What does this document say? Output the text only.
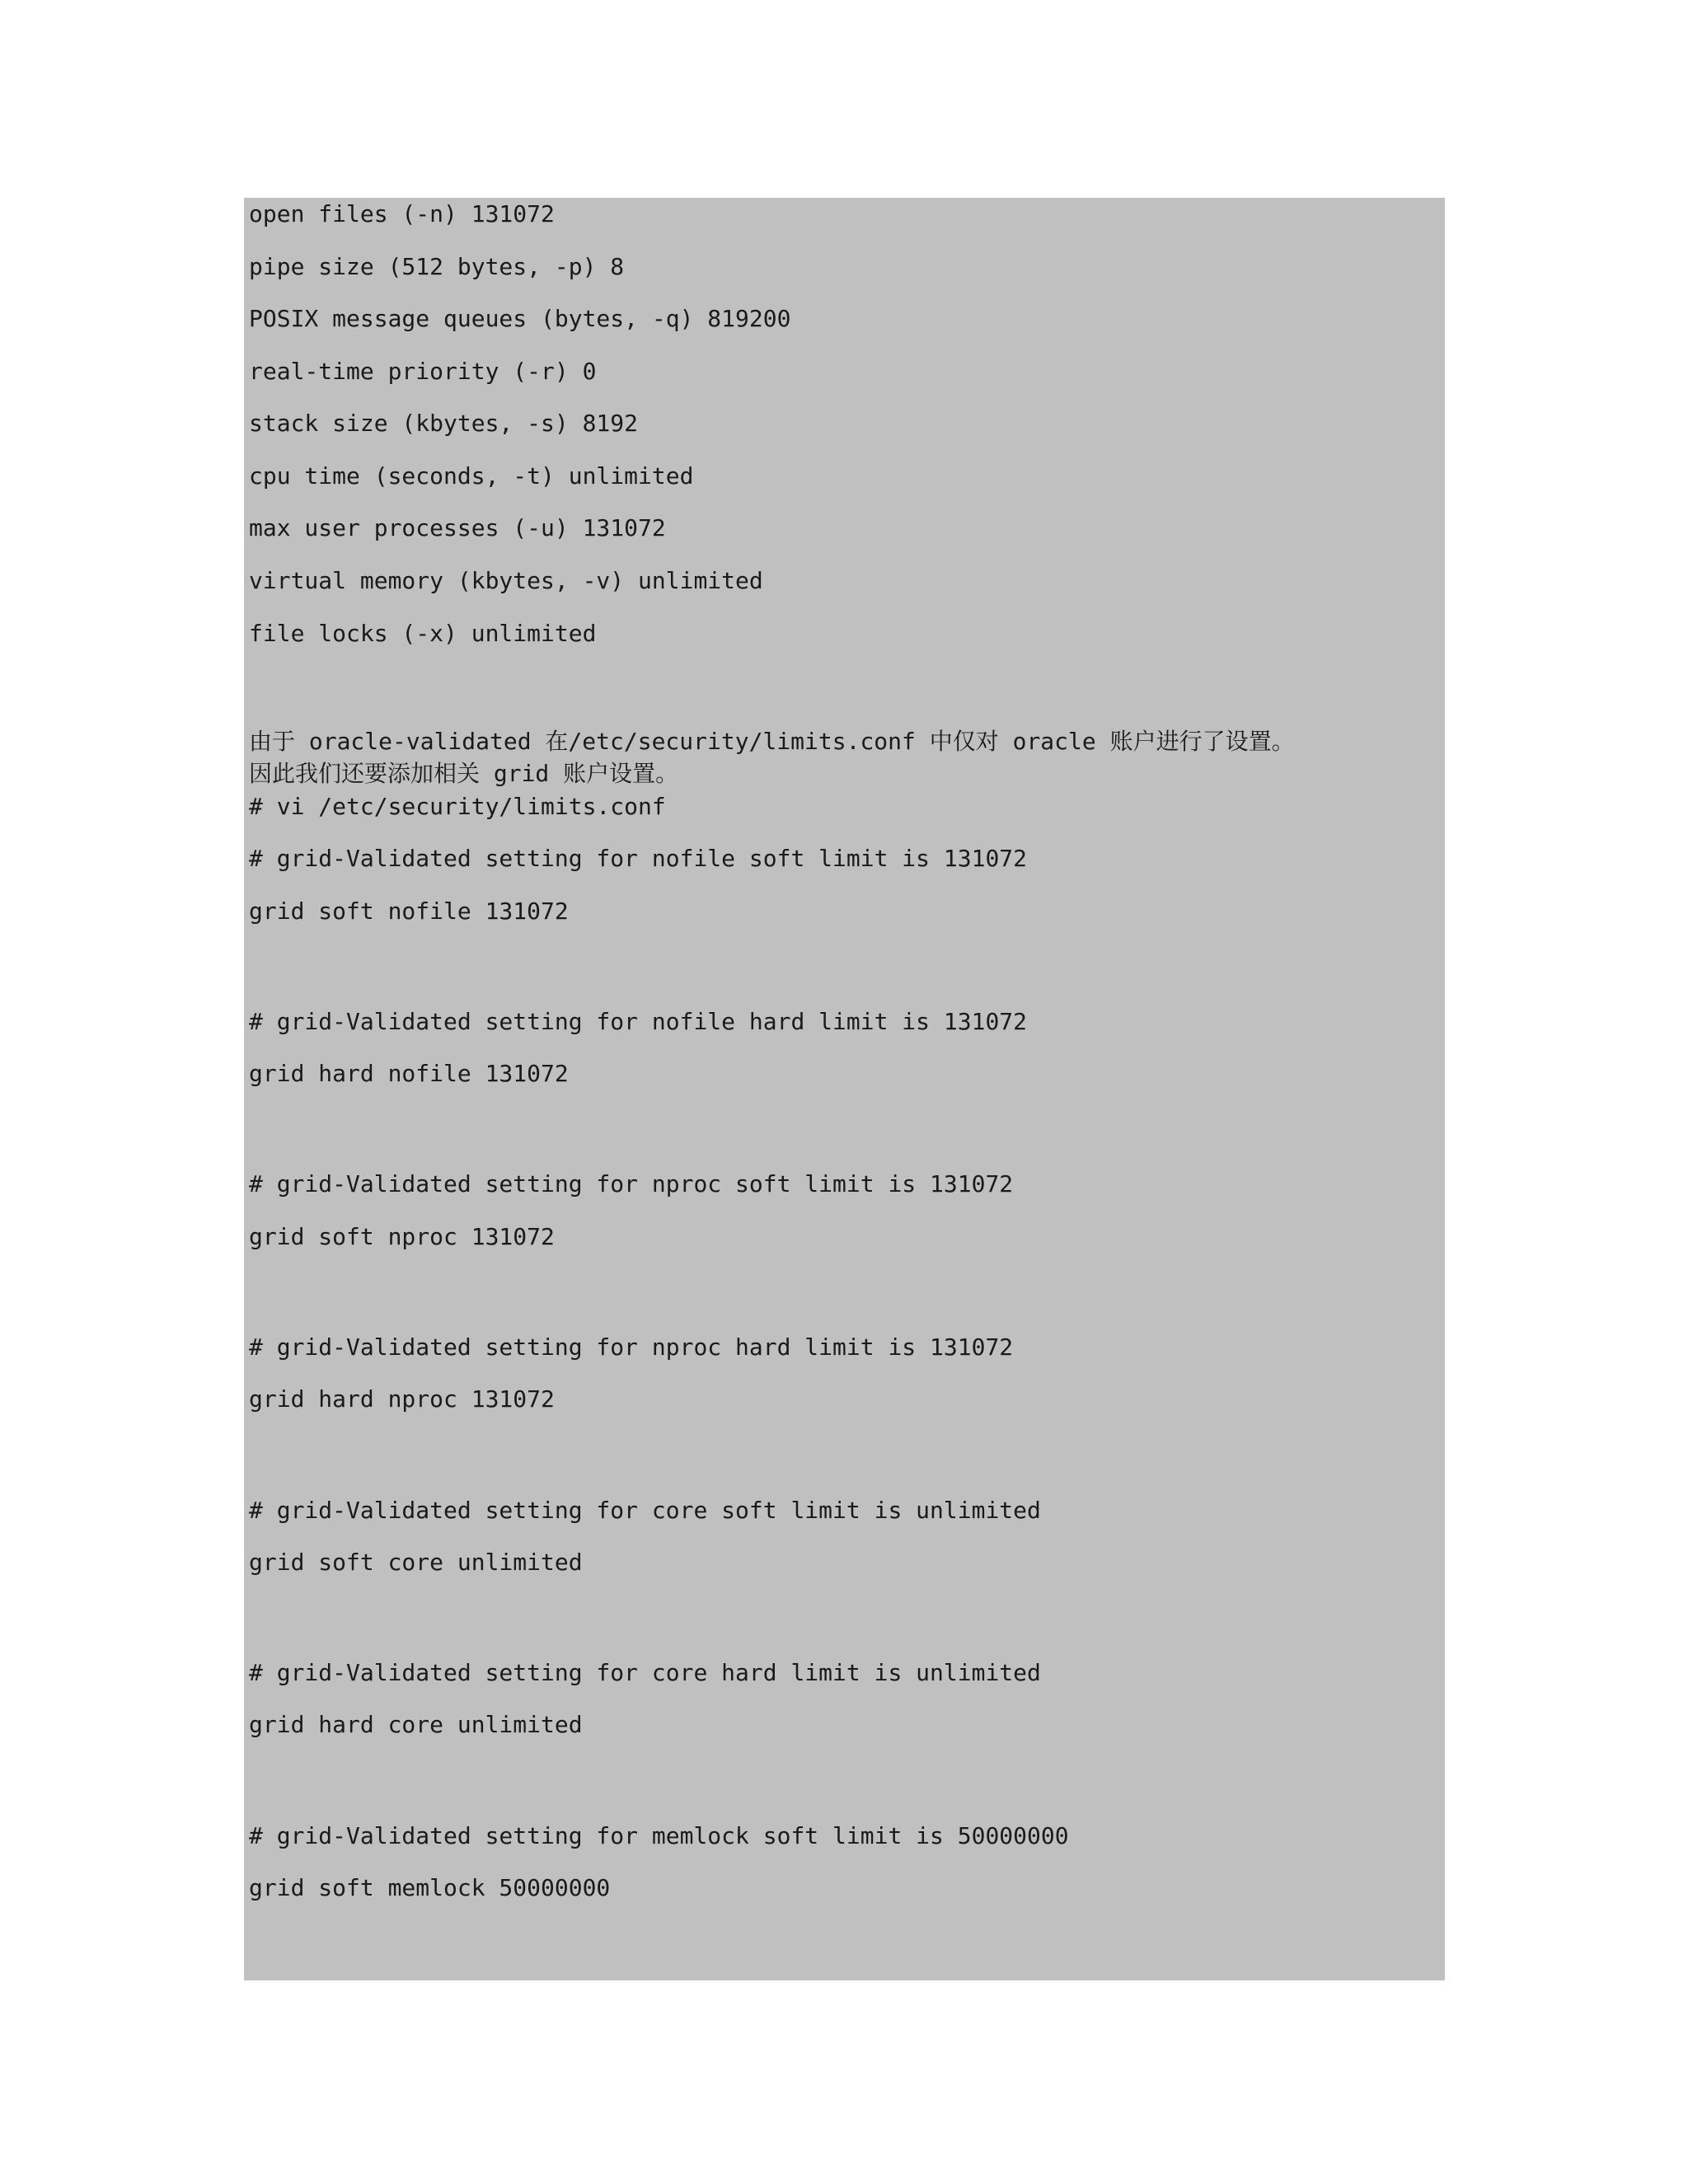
open files (-n) 131072
pipe size (512 bytes, -p) 8
POSIX message queues (bytes, -q) 819200
real-time priority (-r) 0
stack size (kbytes, -s) 8192
cpu time (seconds, -t) unlimited
max user processes (-u) 131072
virtual memory (kbytes, -v) unlimited
file locks (-x) unlimited
由于 oracle-validated 在/etc/security/limits.conf 中仅对 oracle 账户进行了设置。
因此我们还要添加相关 grid 账户设置。
# vi /etc/security/limits.conf
# grid-Validated setting for nofile soft limit is 131072
grid soft nofile 131072
# grid-Validated setting for nofile hard limit is 131072
grid hard nofile 131072
# grid-Validated setting for nproc soft limit is 131072
grid soft nproc 131072
# grid-Validated setting for nproc hard limit is 131072
grid hard nproc 131072
# grid-Validated setting for core soft limit is unlimited
grid soft core unlimited
# grid-Validated setting for core hard limit is unlimited
grid hard core unlimited
# grid-Validated setting for memlock soft limit is 50000000
grid soft memlock 50000000
